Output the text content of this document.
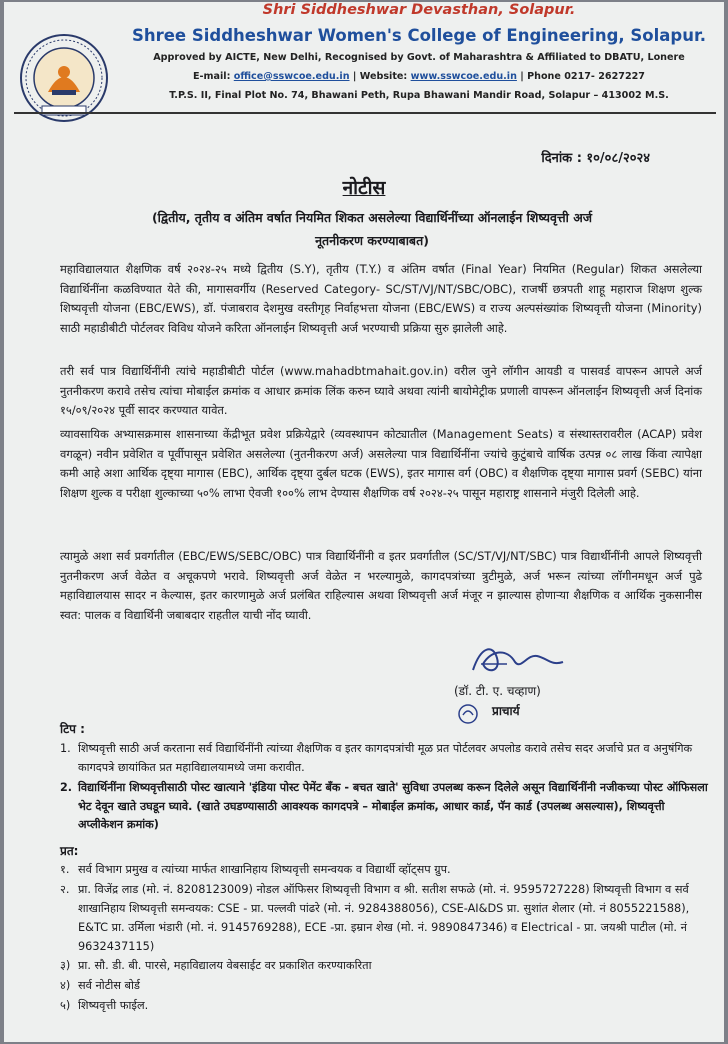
Shri Siddheshwar Devasthan, Solapur.
Shree Siddheshwar Women's College of Engineering, Solapur.
Approved by AICTE, New Delhi, Recognised by Govt. of Maharashtra & Affiliated to DBATU, Lonere
E-mail: office@sswcoe.edu.in | Website: www.sswcoe.edu.in | Phone 0217- 2627227
T.P.S. II, Final Plot No. 74, Bhawani Peth, Rupa Bhawani Mandir Road, Solapur – 413002 M.S.
दिनांक : १०/०८/२०२४
नोटीस
(द्वितीय, तृतीय व अंतिम वर्षात नियमित शिकत असलेल्या विद्यार्थिनींच्या ऑनलाईन शिष्यवृत्ती अर्ज
नूतनीकरण करण्याबाबत)
महाविद्यालयात शैक्षणिक वर्ष २०२४-२५ मध्ये द्वितीय (S.Y), तृतीय (T.Y.) व अंतिम वर्षात (Final Year) नियमित (Regular) शिकत असलेल्या विद्यार्थिनींना कळविण्यात येते की, मागासवर्गीय (Reserved Category- SC/ST/VJ/NT/SBC/OBC), राजर्षी छत्रपती शाहू महाराज शिक्षण शुल्क शिष्यवृत्ती योजना (EBC/EWS), डॉ. पंजाबराव देशमुख वस्तीगृह निर्वाहभत्ता योजना (EBC/EWS) व राज्य अल्पसंख्यांक शिष्यवृत्ती योजना (Minority) साठी महाडीबीटी पोर्टलवर विविध योजने करिता ऑनलाईन शिष्यवृत्ती अर्ज भरण्याची प्रक्रिया सुरु झालेली आहे.
तरी सर्व पात्र विद्यार्थिनींनी त्यांचे महाडीबीटी पोर्टल (www.mahadbtmahait.gov.in) वरील जुने लॉगीन आयडी व पासवर्ड वापरून आपले अर्ज नुतनीकरण करावे तसेच त्यांचा मोबाईल क्रमांक व आधार क्रमांक लिंक करुन घ्यावे अथवा त्यांनी बायोमेट्रीक प्रणाली वापरून ऑनलाईन शिष्यवृत्ती अर्ज दिनांक १५/०९/२०२४ पूर्वी सादर करण्यात यावेत.
व्यावसायिक अभ्यासक्रमास शासनाच्या केंद्रीभूत प्रवेश प्रक्रियेद्वारे (व्यवस्थापन कोट्यातील (Management Seats) व संस्थास्तरावरील (ACAP) प्रवेश वगळून) नवीन प्रवेशित व पूर्वीपासून प्रवेशित असलेल्या (नुतनीकरण अर्ज) असलेल्या पात्र विद्यार्थिनींना ज्यांचे कुटुंबाचे वार्षिक उत्पन्न ०८ लाख किंवा त्यापेक्षा कमी आहे अशा आर्थिक दृष्ट्या मागास (EBC), आर्थिक दृष्ट्या दुर्बल घटक (EWS), इतर मागास वर्ग (OBC) व शैक्षणिक दृष्ट्या मागास प्रवर्ग (SEBC) यांना शिक्षण शुल्क व परीक्षा शुल्काच्या ५०% लाभा ऐवजी १००% लाभ देण्यास शैक्षणिक वर्ष २०२४-२५ पासून महाराष्ट्र शासनाने मंजुरी दिलेली आहे.
त्यामुळे अशा सर्व प्रवर्गातील (EBC/EWS/SEBC/OBC) पात्र विद्यार्थिनींनी व इतर प्रवर्गातील (SC/ST/VJ/NT/SBC) पात्र विद्यार्थीनींनी आपले शिष्यवृत्ती नुतनीकरण अर्ज वेळेत व अचूकपणे भरावे. शिष्यवृत्ती अर्ज वेळेत न भरल्यामुळे, कागदपत्रांच्या त्रुटीमुळे, अर्ज भरून त्यांच्या लॉगीनमधून अर्ज पुढे महाविद्यालयास सादर न केल्यास, इतर कारणामुळे अर्ज प्रलंबित राहिल्यास अथवा शिष्यवृत्ती अर्ज मंजूर न झाल्यास होणाऱ्या शैक्षणिक व आर्थिक नुकसानीस स्वत: पालक व विद्यार्थिनी जबाबदार राहतील याची नोंद घ्यावी.
(डॉ. टी. ए. चव्हाण)
प्राचार्य
टिप :
1. शिष्यवृत्ती साठी अर्ज करताना सर्व विद्यार्थिनींनी त्यांच्या शैक्षणिक व इतर कागदपत्रांची मूळ प्रत पोर्टलवर अपलोड करावे तसेच सदर अर्जाचे प्रत व अनुषंगिक कागदपत्रे छायांकित प्रत महाविद्यालयामध्ये जमा करावीत.
2. विद्यार्थिनींना शिष्यवृत्तीसाठी पोस्ट खात्याने 'इंडिया पोस्ट पेमेंट बँक - बचत खाते' सुविधा उपलब्ध करून दिलेले असून विद्यार्थिनींनी नजीकच्या पोस्ट ऑफिसला भेट देवून खाते उघडून घ्यावे. (खाते उघडण्यासाठी आवश्यक कागदपत्रे – मोबाईल क्रमांक, आधार कार्ड, पॅन कार्ड (उपलब्ध असल्यास), शिष्यवृत्ती अप्लीकेशन क्रमांक)
प्रत:
१. सर्व विभाग प्रमुख व त्यांच्या मार्फत शाखानिहाय शिष्यवृत्ती समन्वयक व विद्यार्थी व्हॉट्सप ग्रुप.
२. प्रा. विजेंद्र लाड (मो. नं. 8208123009) नोडल ऑफिसर शिष्यवृत्ती विभाग व श्री. सतीश सफळे (मो. नं. 9595727228) शिष्यवृत्ती विभाग व सर्व शाखानिहाय शिष्यवृत्ती समन्वयक: CSE - प्रा. पल्लवी पांढरे (मो. नं. 9284388056), CSE-AI&DS प्रा. सुशांत शेलार (मो. नं 8055221588), E&TC प्रा. उर्मिला भंडारी (मो. नं. 9145769288), ECE -प्रा. इम्रान शेख (मो. नं. 9890847346) व Electrical - प्रा. जयश्री पाटील (मो. नं 9632437115)
३) प्रा. सौ. डी. बी. पारसे, महाविद्यालय वेबसाईट वर प्रकाशित करण्याकरिता
४) सर्व नोटीस बोर्ड
५) शिष्यवृत्ती फाईल.
